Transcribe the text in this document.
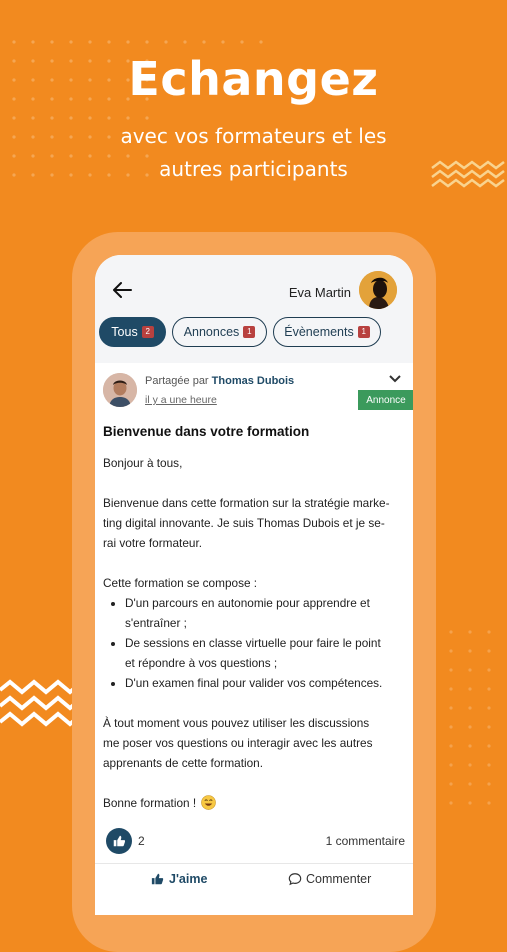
Echangez
avec vos formateurs et les
autres participants
Eva Martin
Tous 2	Annonces 1	Évènements 1
Partagée par Thomas Dubois
il y a une heure	Annonce
Bienvenue dans votre formation

Bonjour à tous,

Bienvenue dans cette formation sur la stratégie marke-

ting digital innovante. Je suis Thomas Dubois et je se-

rai votre formateur.

Cette formation se compose :

• D'un parcours en autonomie pour apprendre et
s'entraîner ;
• De sessions en classe virtuelle pour faire le point
et répondre à vos questions ;
• D'un examen final pour valider vos compétences.

À tout moment vous pouvez utiliser les discussions

me poser vos questions ou interagir avec les autres

apprenants de cette formation.

Bonne formation !

2	1 commentaire
J'aime	Commenter
